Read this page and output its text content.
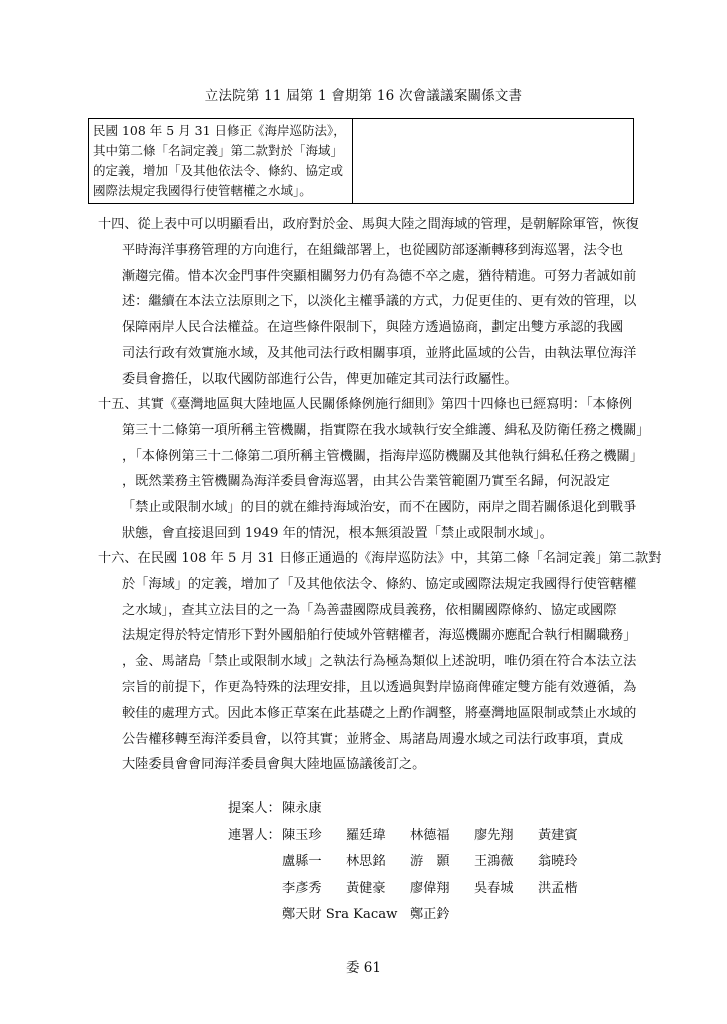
立法院第 11 屆第 1 會期第 16 次會議議案關係文書
民國 108 年 5 月 31 日修正《海岸巡防法》，
其中第二條「名詞定義」第二款對於「海域」
的定義，增加「及其他依法令、條約、協定或
國際法規定我國得行使管轄權之水域」。

十四、從上表中可以明顯看出，政府對於金、馬與大陸之間海域的管理，是朝解除軍管，恢復
平時海洋事務管理的方向進行，在組織部署上，也從國防部逐漸轉移到海巡署，法令也
漸趨完備。惜本次金門事件突顯相關努力仍有為德不卒之處，猶待精進。可努力者誠如前
述：繼續在本法立法原則之下，以淡化主權爭議的方式，力促更佳的、更有效的管理，以
保障兩岸人民合法權益。在這些條件限制下，與陸方透過協商，劃定出雙方承認的我國
司法行政有效實施水域，及其他司法行政相關事項，並將此區域的公告，由執法單位海洋
委員會擔任，以取代國防部進行公告，俾更加確定其司法行政屬性。
十五、其實《臺灣地區與大陸地區人民關係條例施行細則》第四十四條也已經寫明：「本條例
第三十二條第一項所稱主管機關，指實際在我水域執行安全維護、緝私及防衛任務之機關」
，「本條例第三十二條第二項所稱主管機關，指海岸巡防機關及其他執行緝私任務之機關」
，既然業務主管機關為海洋委員會海巡署，由其公告業管範圍乃實至名歸，何況設定
「禁止或限制水域」的目的就在維持海域治安，而不在國防，兩岸之間若關係退化到戰爭
狀態，會直接退回到 1949 年的情況，根本無須設置「禁止或限制水域」。
十六、在民國 108 年 5 月 31 日修正通過的《海岸巡防法》中，其第二條「名詞定義」第二款對
於「海域」的定義，增加了「及其他依法令、條約、協定或國際法規定我國得行使管轄權
之水域」，查其立法目的之一為「為善盡國際成員義務，依相關國際條約、協定或國際
法規定得於特定情形下對外國船舶行使域外管轄權者，海巡機關亦應配合執行相關職務」
，金、馬諸島「禁止或限制水域」之執法行為極為類似上述說明，唯仍須在符合本法立法
宗旨的前提下，作更為特殊的法理安排，且以透過與對岸協商俾確定雙方能有效遵循，為
較佳的處理方式。因此本修正草案在此基礎之上酌作調整，將臺灣地區限制或禁止水域的
公告權移轉至海洋委員會，以符其實；並將金、馬諸島周邊水域之司法行政事項，責成
大陸委員會會同海洋委員會與大陸地區協議後訂之。
提案人： 陳永康
連署人： 陳玉珍 羅廷瑋 林德福 廖先翔 黃建賓
盧縣一 林思銘 游　顥 王鴻薇 翁曉玲
李彥秀 黃健豪 廖偉翔 吳春城 洪孟楷
鄭天財 Sra Kacaw 鄭正鈐
委 61
